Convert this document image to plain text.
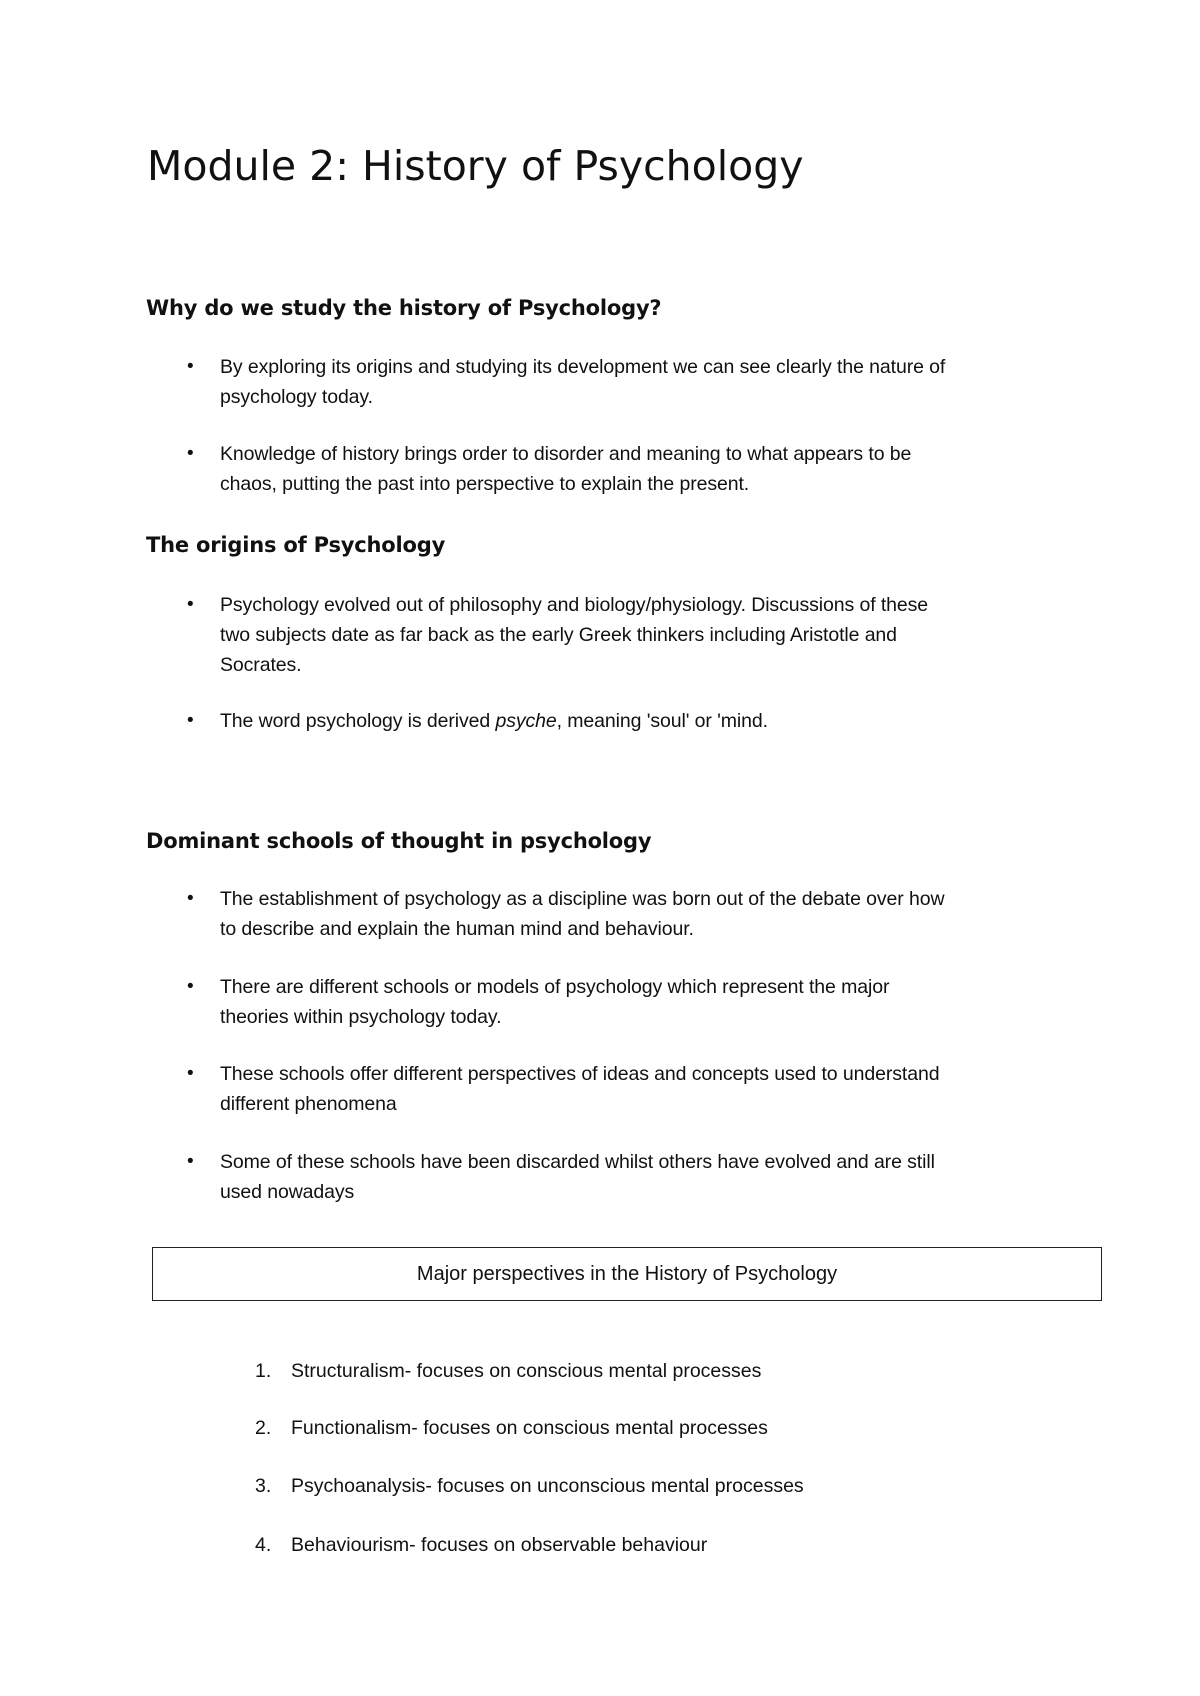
Module 2: History of Psychology
Why do we study the history of Psychology?
• By exploring its origins and studying its development we can see clearly the nature of
psychology today.
• Knowledge of history brings order to disorder and meaning to what appears to be
chaos, putting the past into perspective to explain the present.
The origins of Psychology
• Psychology evolved out of philosophy and biology/physiology. Discussions of these
two subjects date as far back as the early Greek thinkers including Aristotle and
Socrates.
• The word psychology is derived psyche, meaning 'soul' or 'mind.
Dominant schools of thought in psychology
• The establishment of psychology as a discipline was born out of the debate over how
to describe and explain the human mind and behaviour.
• There are different schools or models of psychology which represent the major
theories within psychology today.
• These schools offer different perspectives of ideas and concepts used to understand
different phenomena
• Some of these schools have been discarded whilst others have evolved and are still
used nowadays
Major perspectives in the History of Psychology
1. Structuralism- focuses on conscious mental processes
2. Functionalism- focuses on conscious mental processes
3. Psychoanalysis- focuses on unconscious mental processes
4. Behaviourism- focuses on observable behaviour
